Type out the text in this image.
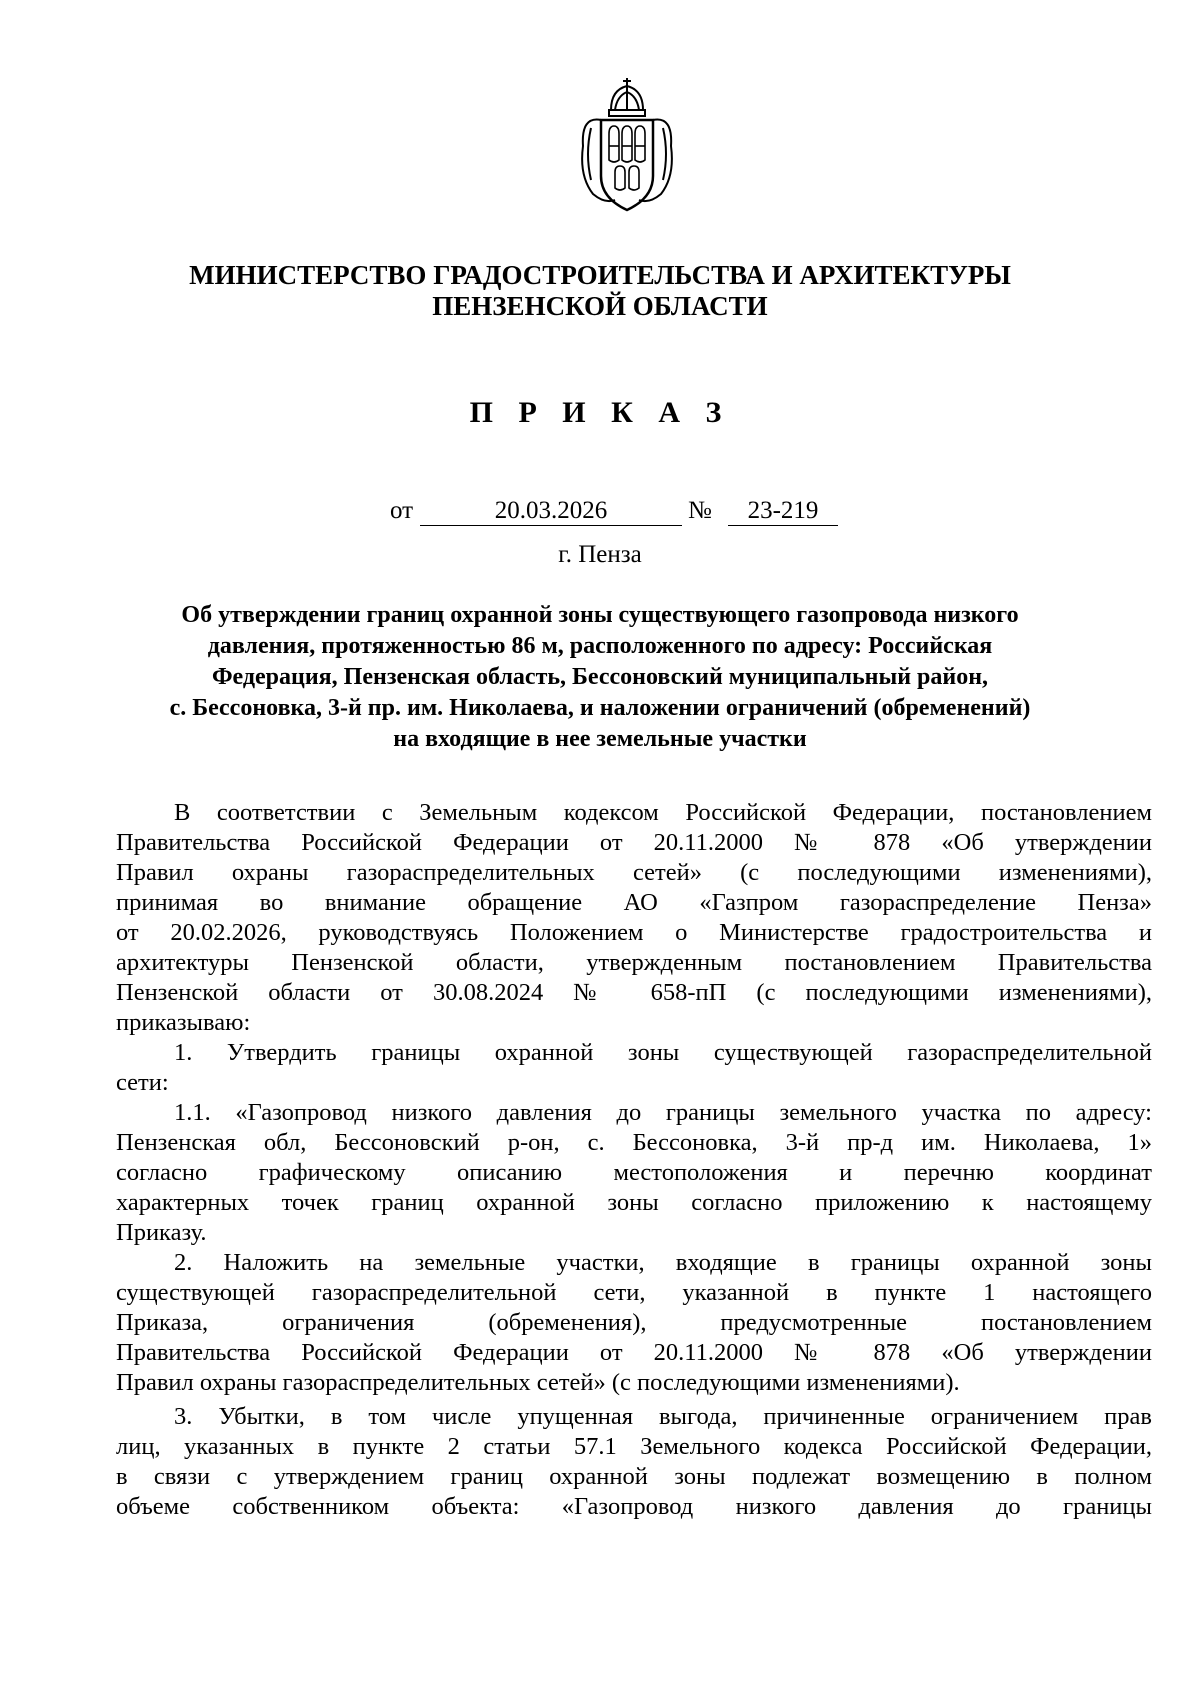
МИНИСТЕРСТВО ГРАДОСТРОИТЕЛЬСТВА И АРХИТЕКТУРЫ
ПЕНЗЕНСКОЙ ОБЛАСТИ
П Р И К А З
от	20.03.2026	№	23-219
г. Пенза
Об утверждении границ охранной зоны существующего газопровода низкого
давления, протяженностью 86 м, расположенного по адресу: Российская
Федерация, Пензенская область, Бессоновский муниципальный район,
с. Бессоновка, 3-й пр. им. Николаева, и наложении ограничений (обременений)
на входящие в нее земельные участки
В соответствии с Земельным кодексом Российской Федерации, постановлением
Правительства Российской Федерации от 20.11.2000 № 878 «Об утверждении
Правил охраны газораспределительных сетей» (с последующими изменениями),
принимая во внимание обращение АО «Газпром газораспределение Пенза»
от 20.02.2026, руководствуясь Положением о Министерстве градостроительства и
архитектуры Пензенской области, утвержденным постановлением Правительства
Пензенской области от 30.08.2024 № 658-пП (с последующими изменениями),
приказываю:
1. Утвердить границы охранной зоны существующей газораспределительной
сети:
1.1. «Газопровод низкого давления до границы земельного участка по адресу:
Пензенская обл, Бессоновский р-он, с. Бессоновка, 3-й пр-д им. Николаева, 1»
согласно графическому описанию местоположения и перечню координат
характерных точек границ охранной зоны согласно приложению к настоящему
Приказу.
2. Наложить на земельные участки, входящие в границы охранной зоны
существующей газораспределительной сети, указанной в пункте 1 настоящего
Приказа, ограничения (обременения), предусмотренные постановлением
Правительства Российской Федерации от 20.11.2000 № 878 «Об утверждении
Правил охраны газораспределительных сетей» (с последующими изменениями).
3. Убытки, в том числе упущенная выгода, причиненные ограничением прав
лиц, указанных в пункте 2 статьи 57.1 Земельного кодекса Российской Федерации,
в связи с утверждением границ охранной зоны подлежат возмещению в полном
объеме собственником объекта: «Газопровод низкого давления до границы
